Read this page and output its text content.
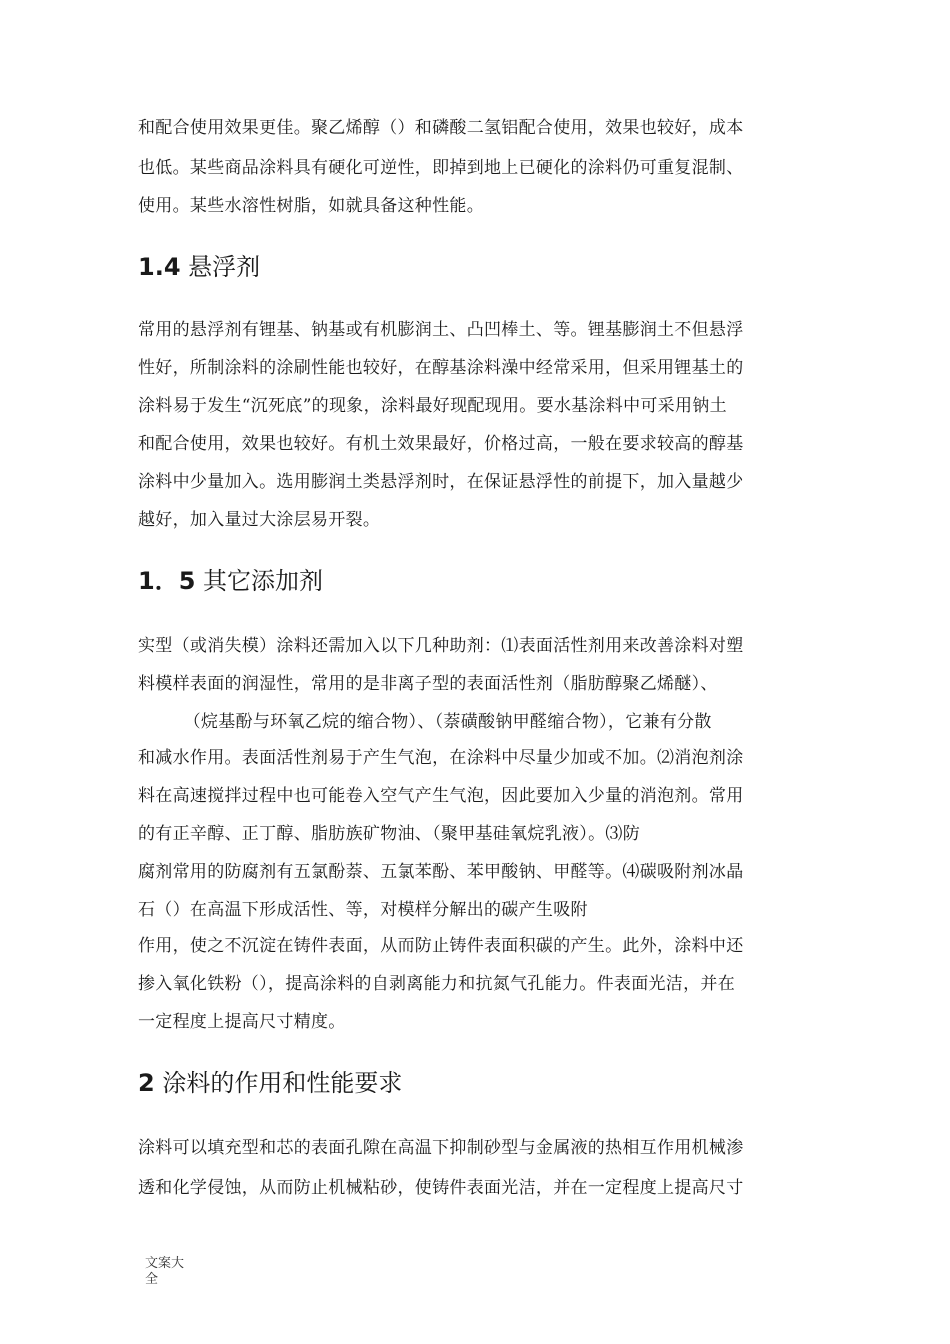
和配合使用效果更佳。聚乙烯醇（）和磷酸二氢铝配合使用，效果也较好，成本
也低。某些商品涂料具有硬化可逆性，即掉到地上已硬化的涂料仍可重复混制、
使用。某些水溶性树脂，如就具备这种性能。
1.4 悬浮剂
常用的悬浮剂有锂基、钠基或有机膨润土、凸凹棒土、等。锂基膨润土不但悬浮
性好，所制涂料的涂刷性能也较好，在醇基涂料澡中经常采用，但采用锂基土的
涂料易于发生“沉死底”的现象，涂料最好现配现用。要水基涂料中可采用钠土
和配合使用，效果也较好。有机土效果最好，价格过高，一般在要求较高的醇基
涂料中少量加入。选用膨润土类悬浮剂时，在保证悬浮性的前提下，加入量越少
越好，加入量过大涂层易开裂。
1．5 其它添加剂
实型（或消失模）涂料还需加入以下几种助剂：⑴表面活性剂用来改善涂料对塑
料模样表面的润湿性，常用的是非离子型的表面活性剂（脂肪醇聚乙烯醚）、
（烷基酚与环氧乙烷的缩合物）、（萘磺酸钠甲醛缩合物），它兼有分散
和减水作用。表面活性剂易于产生气泡，在涂料中尽量少加或不加。⑵消泡剂涂
料在高速搅拌过程中也可能卷入空气产生气泡，因此要加入少量的消泡剂。常用
的有正辛醇、正丁醇、脂肪族矿物油、（聚甲基硅氧烷乳液）。⑶防
腐剂常用的防腐剂有五氯酚萘、五氯苯酚、苯甲酸钠、甲醛等。⑷碳吸附剂冰晶
石（）在高温下形成活性、等，对模样分解出的碳产生吸附
作用，使之不沉淀在铸件表面，从而防止铸件表面积碳的产生。此外，涂料中还
掺入氧化铁粉（），提高涂料的自剥离能力和抗氮气孔能力。件表面光洁，并在
一定程度上提高尺寸精度。
2 涂料的作用和性能要求
涂料可以填充型和芯的表面孔隙在高温下抑制砂型与金属液的热相互作用机械渗
透和化学侵蚀，从而防止机械粘砂，使铸件表面光洁，并在一定程度上提高尺寸
文案大
全
